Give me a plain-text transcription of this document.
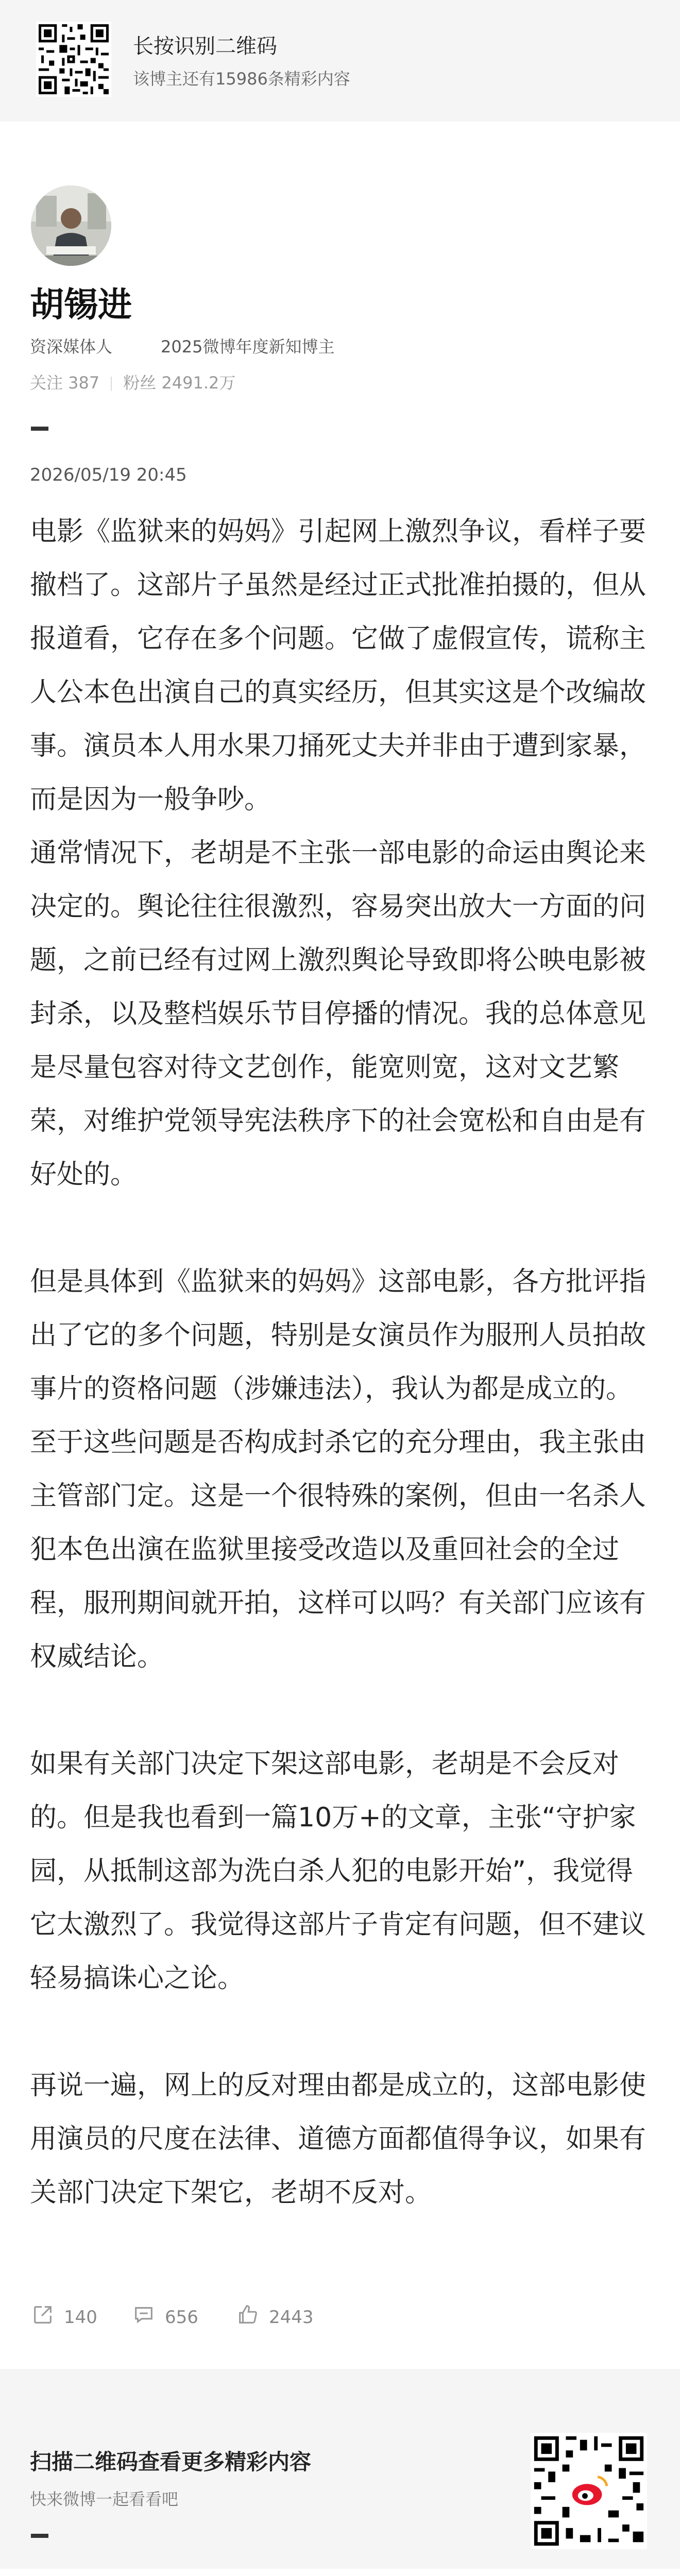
长按识别二维码
该博主还有15986条精彩内容
胡锡进
资深媒体人	2025微博年度新知博主
关注 387 粉丝 2491.2万
2026/05/19 20:45

电影《监狱来的妈妈》引起网上激烈争议，看样子要撤档了。这部片子虽然是经过正式批准拍摄的，但从报道看，它存在多个问题。它做了虚假宣传，谎称主人公本色出演自己的真实经历，但其实这是个改编故事。演员本人用水果刀捅死丈夫并非由于遭到家暴，而是因为一般争吵。

通常情况下，老胡是不主张一部电影的命运由舆论来决定的。舆论往往很激烈，容易突出放大一方面的问题，之前已经有过网上激烈舆论导致即将公映电影被封杀，以及整档娱乐节目停播的情况。我的总体意见是尽量包容对待文艺创作，能宽则宽，这对文艺繁荣，对维护党领导宪法秩序下的社会宽松和自由是有好处的。

但是具体到《监狱来的妈妈》这部电影，各方批评指出了它的多个问题，特别是女演员作为服刑人员拍故事片的资格问题（涉嫌违法），我认为都是成立的。至于这些问题是否构成封杀它的充分理由，我主张由主管部门定。这是一个很特殊的案例，但由一名杀人犯本色出演在监狱里接受改造以及重回社会的全过程，服刑期间就开拍，这样可以吗？有关部门应该有权威结论。

如果有关部门决定下架这部电影，老胡是不会反对的。但是我也看到一篇10万+的文章，主张“守护家园，从抵制这部为洗白杀人犯的电影开始”，我觉得它太激烈了。我觉得这部片子肯定有问题，但不建议轻易搞诛心之论。

再说一遍，网上的反对理由都是成立的，这部电影使用演员的尺度在法律、道德方面都值得争议，如果有关部门决定下架它，老胡不反对。

140	656	2443
扫描二维码查看更多精彩内容
快来微博一起看看吧
